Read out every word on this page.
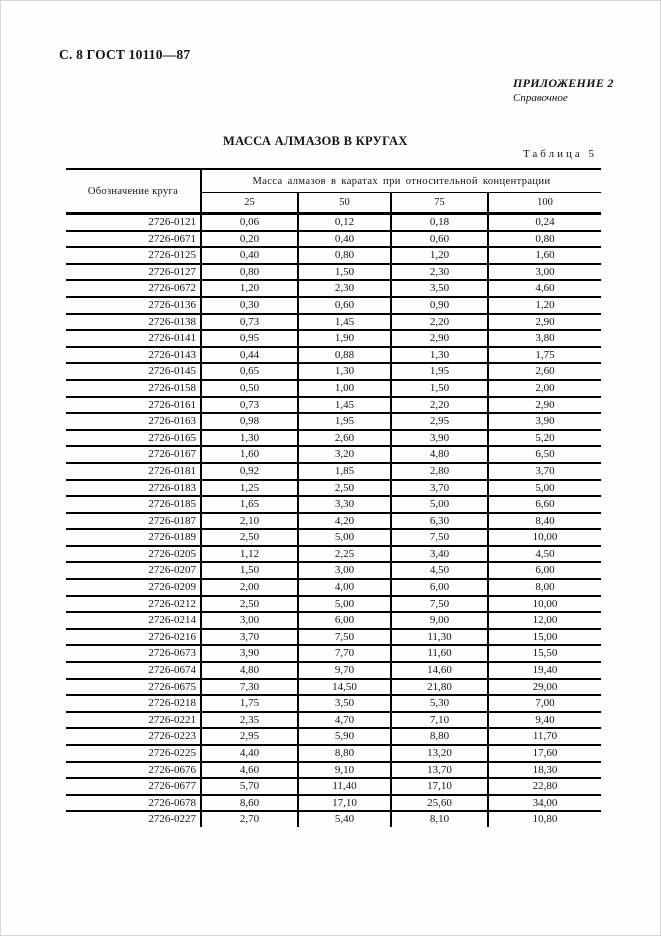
С. 8 ГОСТ 10110—87
ПРИЛОЖЕНИЕ 2
Справочное
МАССА АЛМАЗОВ В КРУГАХ
Таблица 5
Обозначение круга	Масса алмазов в каратах при относительной концентрации			
	25	50	75	100
2726-0121	0,06	0,12	0,18	0,24
2726-0671	0,20	0,40	0,60	0,80
2726-0125	0,40	0,80	1,20	1,60
2726-0127	0,80	1,50	2,30	3,00
2726-0672	1,20	2,30	3,50	4,60
2726-0136	0,30	0,60	0,90	1,20
2726-0138	0,73	1,45	2,20	2,90
2726-0141	0,95	1,90	2,90	3,80
2726-0143	0,44	0,88	1,30	1,75
2726-0145	0,65	1,30	1,95	2,60
2726-0158	0,50	1,00	1,50	2,00
2726-0161	0,73	1,45	2,20	2,90
2726-0163	0,98	1,95	2,95	3,90
2726-0165	1,30	2,60	3,90	5,20
2726-0167	1,60	3,20	4,80	6,50
2726-0181	0,92	1,85	2,80	3,70
2726-0183	1,25	2,50	3,70	5,00
2726-0185	1,65	3,30	5,00	6,60
2726-0187	2,10	4,20	6,30	8,40
2726-0189	2,50	5,00	7,50	10,00
2726-0205	1,12	2,25	3,40	4,50
2726-0207	1,50	3,00	4,50	6,00
2726-0209	2,00	4,00	6,00	8,00
2726-0212	2,50	5,00	7,50	10,00
2726-0214	3,00	6,00	9,00	12,00
2726-0216	3,70	7,50	11,30	15,00
2726-0673	3,90	7,70	11,60	15,50
2726-0674	4,80	9,70	14,60	19,40
2726-0675	7,30	14,50	21,80	29,00
2726-0218	1,75	3,50	5,30	7,00
2726-0221	2,35	4,70	7,10	9,40
2726-0223	2,95	5,90	8,80	11,70
2726-0225	4,40	8,80	13,20	17,60
2726-0676	4,60	9,10	13,70	18,30
2726-0677	5,70	11,40	17,10	22,80
2726-0678	8,60	17,10	25,60	34,00
2726-0227	2,70	5,40	8,10	10,80
